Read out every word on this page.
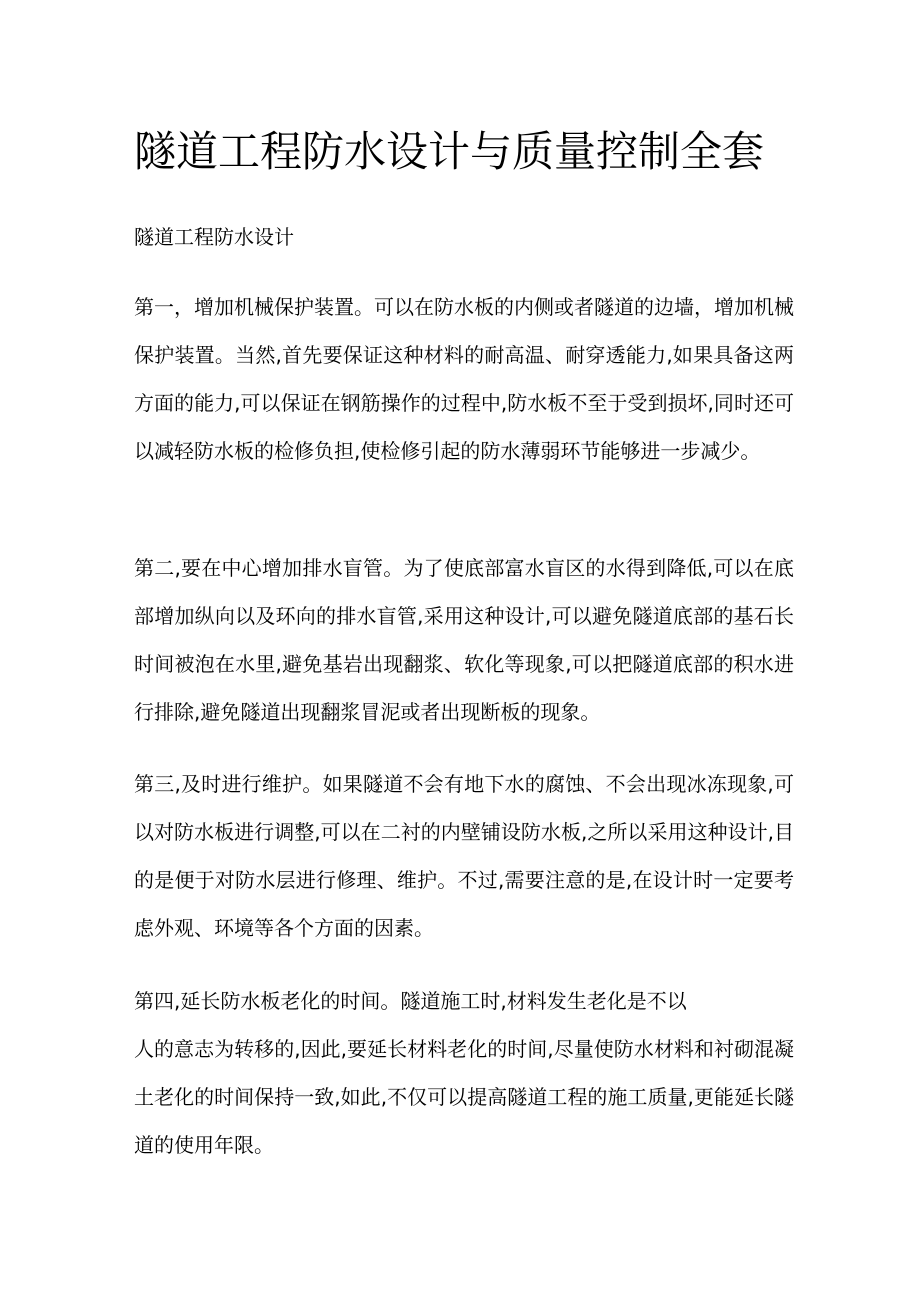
隧道工程防水设计与质量控制全套
隧道工程防水设计

第一，增加机械保护装置。可以在防水板的内侧或者隧道的边墙，增加机械保护装置。当然,首先要保证这种材料的耐高温、耐穿透能力,如果具备这两方面的能力,可以保证在钢筋操作的过程中,防水板不至于受到损坏,同时还可以减轻防水板的检修负担,使检修引起的防水薄弱环节能够进一步减少。

第二,要在中心增加排水盲管。为了使底部富水盲区的水得到降低,可以在底部增加纵向以及环向的排水盲管,采用这种设计,可以避免隧道底部的基石长时间被泡在水里,避免基岩出现翻浆、软化等现象,可以把隧道底部的积水进行排除,避免隧道出现翻浆冒泥或者出现断板的现象。

第三,及时进行维护。如果隧道不会有地下水的腐蚀、不会出现冰冻现象,可以对防水板进行调整,可以在二衬的内壁铺设防水板,之所以采用这种设计,目的是便于对防水层进行修理、维护。不过,需要注意的是,在设计时一定要考虑外观、环境等各个方面的因素。

第四,延长防水板老化的时间。隧道施工时,材料发生老化是不以

人的意志为转移的,因此,要延长材料老化的时间,尽量使防水材料和衬砌混凝土老化的时间保持一致,如此,不仅可以提高隧道工程的施工质量,更能延长隧道的使用年限。
